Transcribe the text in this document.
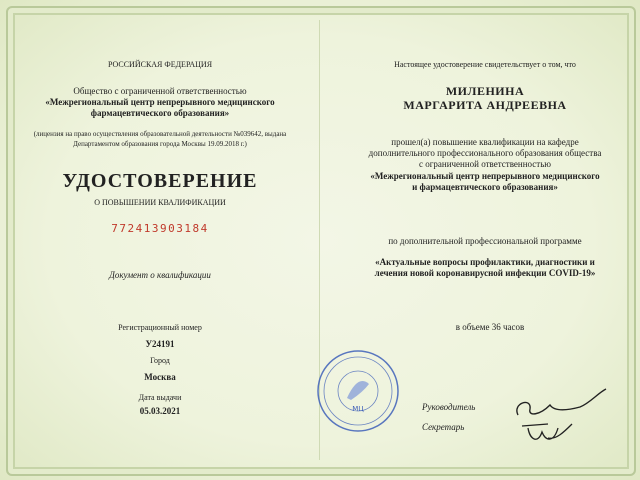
РОССИЙСКАЯ ФЕДЕРАЦИЯ
Общество с ограниченной ответственностью
«Межрегиональный центр непрерывного медицинского
фармацевтического образования»
(лицензия на право осуществления образовательной деятельности №039642, выдана
Департаментом образования города Москвы 19.09.2018 г.)
УДОСТОВЕРЕНИЕ
О ПОВЫШЕНИИ КВАЛИФИКАЦИИ
772413903184
Документ о квалификации
Регистрационный номер
У24191
Город
Москва
Дата выдачи
05.03.2021
Настоящее удостоверение свидетельствует о том, что
МИЛЕНИНА
МАРГАРИТА АНДРЕЕВНА
прошел(а) повышение квалификации на кафедре
дополнительного профессионального образования общества
с ограниченной ответственностью
«Межрегиональный центр непрерывного медицинского
и фармацевтического образования»
по дополнительной профессиональной программе
«Актуальные вопросы профилактики, диагностики и
лечения новой коронавирусной инфекции COVID-19»
в объеме 36 часов
МЦ	Руководитель
Секретарь
